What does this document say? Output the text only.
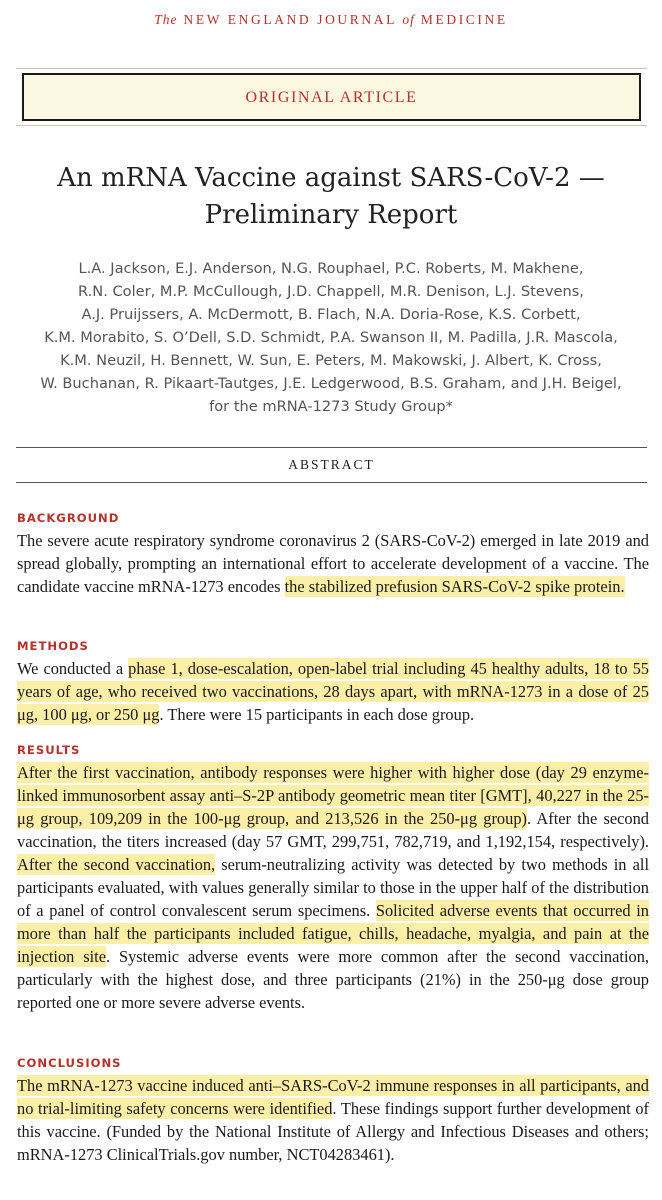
The NEW ENGLAND JOURNAL of MEDICINE
ORIGINAL ARTICLE
An mRNA Vaccine against SARS-CoV-2 —
Preliminary Report
L.A. Jackson, E.J. Anderson, N.G. Rouphael, P.C. Roberts, M. Makhene,
R.N. Coler, M.P. McCullough, J.D. Chappell, M.R. Denison, L.J. Stevens,
A.J. Pruijssers, A. McDermott, B. Flach, N.A. Doria-Rose, K.S. Corbett,
K.M. Morabito, S. O’Dell, S.D. Schmidt, P.A. Swanson II, M. Padilla, J.R. Mascola,
K.M. Neuzil, H. Bennett, W. Sun, E. Peters, M. Makowski, J. Albert, K. Cross,
W. Buchanan, R. Pikaart-Tautges, J.E. Ledgerwood, B.S. Graham, and J.H. Beigel,
for the mRNA-1273 Study Group*
ABSTRACT
BACKGROUND
The severe acute respiratory syndrome coronavirus 2 (SARS-CoV-2) emerged in late 2019 and spread globally, prompting an international effort to accelerate development of a vaccine. The candidate vaccine mRNA-1273 encodes the stabilized prefusion SARS-CoV-2 spike protein.
METHODS
We conducted a phase 1, dose-escalation, open-label trial including 45 healthy adults, 18 to 55 years of age, who received two vaccinations, 28 days apart, with mRNA-1273 in a dose of 25 μg, 100 μg, or 250 μg. There were 15 participants in each dose group.
RESULTS
After the first vaccination, antibody responses were higher with higher dose (day 29 enzyme-linked immunosorbent assay anti–S-2P antibody geometric mean titer [GMT], 40,227 in the 25-μg group, 109,209 in the 100-μg group, and 213,526 in the 250-μg group). After the second vaccination, the titers increased (day 57 GMT, 299,751, 782,719, and 1,192,154, respectively). After the second vaccination, serum-neutralizing activity was detected by two methods in all participants evaluated, with values generally similar to those in the upper half of the distribution of a panel of control convalescent serum specimens. Solicited adverse events that occurred in more than half the participants included fatigue, chills, headache, myalgia, and pain at the injection site. Systemic adverse events were more common after the second vaccination, particularly with the highest dose, and three participants (21%) in the 250-μg dose group reported one or more severe adverse events.
CONCLUSIONS
The mRNA-1273 vaccine induced anti–SARS-CoV-2 immune responses in all participants, and no trial-limiting safety concerns were identified. These findings support further development of this vaccine. (Funded by the National Institute of Allergy and Infectious Diseases and others; mRNA-1273 ClinicalTrials.gov number, NCT04283461).
